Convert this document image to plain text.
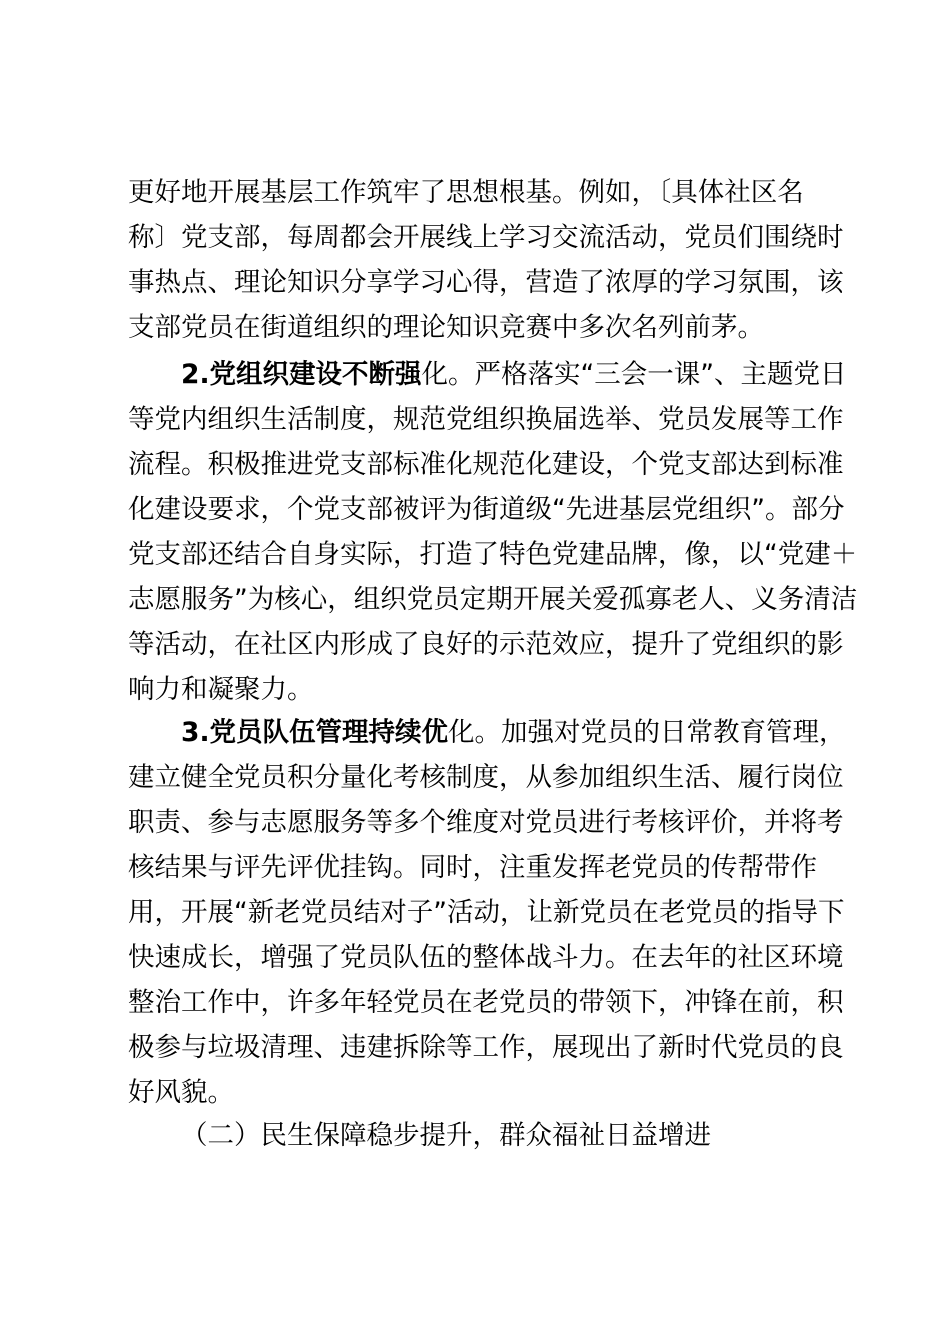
更好地开展基层工作筑牢了思想根基。例如，〔具体社区名
称〕党支部，每周都会开展线上学习交流活动，党员们围绕时
事热点、理论知识分享学习心得，营造了浓厚的学习氛围，该
支部党员在街道组织的理论知识竞赛中多次名列前茅。
2.党组织建设不断强化。严格落实“三会一课”、主题党日
等党内组织生活制度，规范党组织换届选举、党员发展等工作
流程。积极推进党支部标准化规范化建设，个党支部达到标准
化建设要求，个党支部被评为街道级“先进基层党组织”。部分
党支部还结合自身实际，打造了特色党建品牌，像，以“党建＋
志愿服务”为核心，组织党员定期开展关爱孤寡老人、义务清洁
等活动，在社区内形成了良好的示范效应，提升了党组织的影
响力和凝聚力。
3.党员队伍管理持续优化。加强对党员的日常教育管理，
建立健全党员积分量化考核制度，从参加组织生活、履行岗位
职责、参与志愿服务等多个维度对党员进行考核评价，并将考
核结果与评先评优挂钩。同时，注重发挥老党员的传帮带作
用，开展“新老党员结对子”活动，让新党员在老党员的指导下
快速成长，增强了党员队伍的整体战斗力。在去年的社区环境
整治工作中，许多年轻党员在老党员的带领下，冲锋在前，积
极参与垃圾清理、违建拆除等工作，展现出了新时代党员的良
好风貌。
（二）民生保障稳步提升，群众福祉日益增进
